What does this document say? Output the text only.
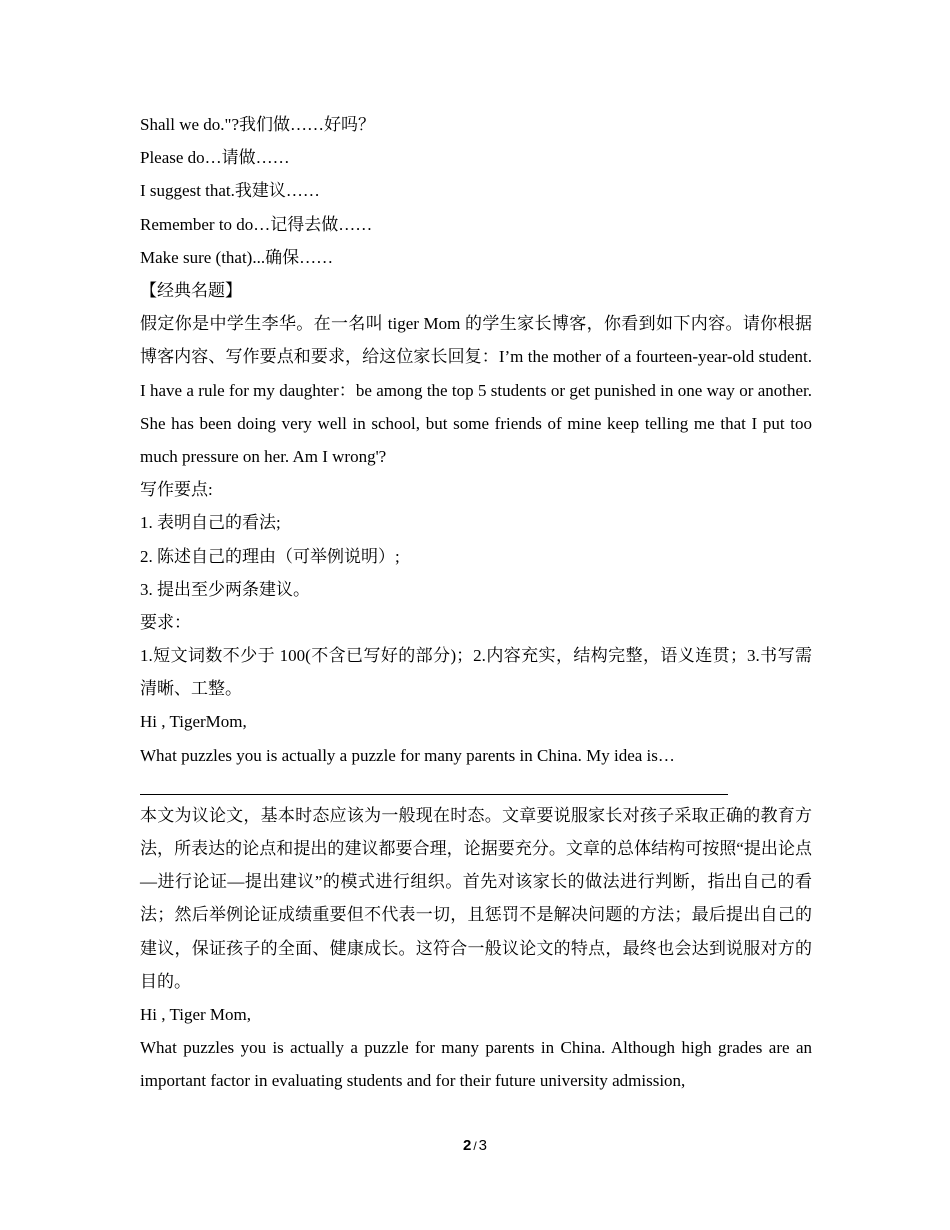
Shall we do."?我们做……好吗？
Please do…请做……
I suggest that.我建议……
Remember to do…记得去做……
Make sure (that)...确保……
【经典名题】
假定你是中学生李华。在一名叫 tiger Mom 的学生家长博客，你看到如下内容。请你根据博客内容、写作要点和要求，给这位家长回复：I’m the mother of a fourteen-year-old student. I have a rule for my daughter：be among the top 5 students or get punished in one way or another. She has been doing very well in school, but some friends of mine keep telling me that I put too much pressure on her. Am I wrong'?
写作要点:
1. 表明自己的看法;
2. 陈述自己的理由（可举例说明）;
3. 提出至少两条建议。
要求：
1.短文词数不少于 100(不含已写好的部分)；2.内容充实，结构完整，语义连贯；3.书写需清晰、工整。
Hi , TigerMom,
What puzzles you is actually a puzzle for many parents in China. My idea is…
本文为议论文，基本时态应该为一般现在时态。文章要说服家长对孩子采取正确的教育方法，所表达的论点和提出的建议都要合理，论据要充分。文章的总体结构可按照“提出论点—进行论证—提出建议”的模式进行组织。首先对该家长的做法进行判断，指出自己的看法；然后举例论证成绩重要但不代表一切，且惩罚不是解决问题的方法；最后提出自己的建议，保证孩子的全面、健康成长。这符合一般议论文的特点，最终也会达到说服对方的 目的。
Hi , Tiger Mom,
What puzzles you is actually a puzzle for many parents in China. Although high grades are an important factor in evaluating students and for their future university admission,
2 / 3
